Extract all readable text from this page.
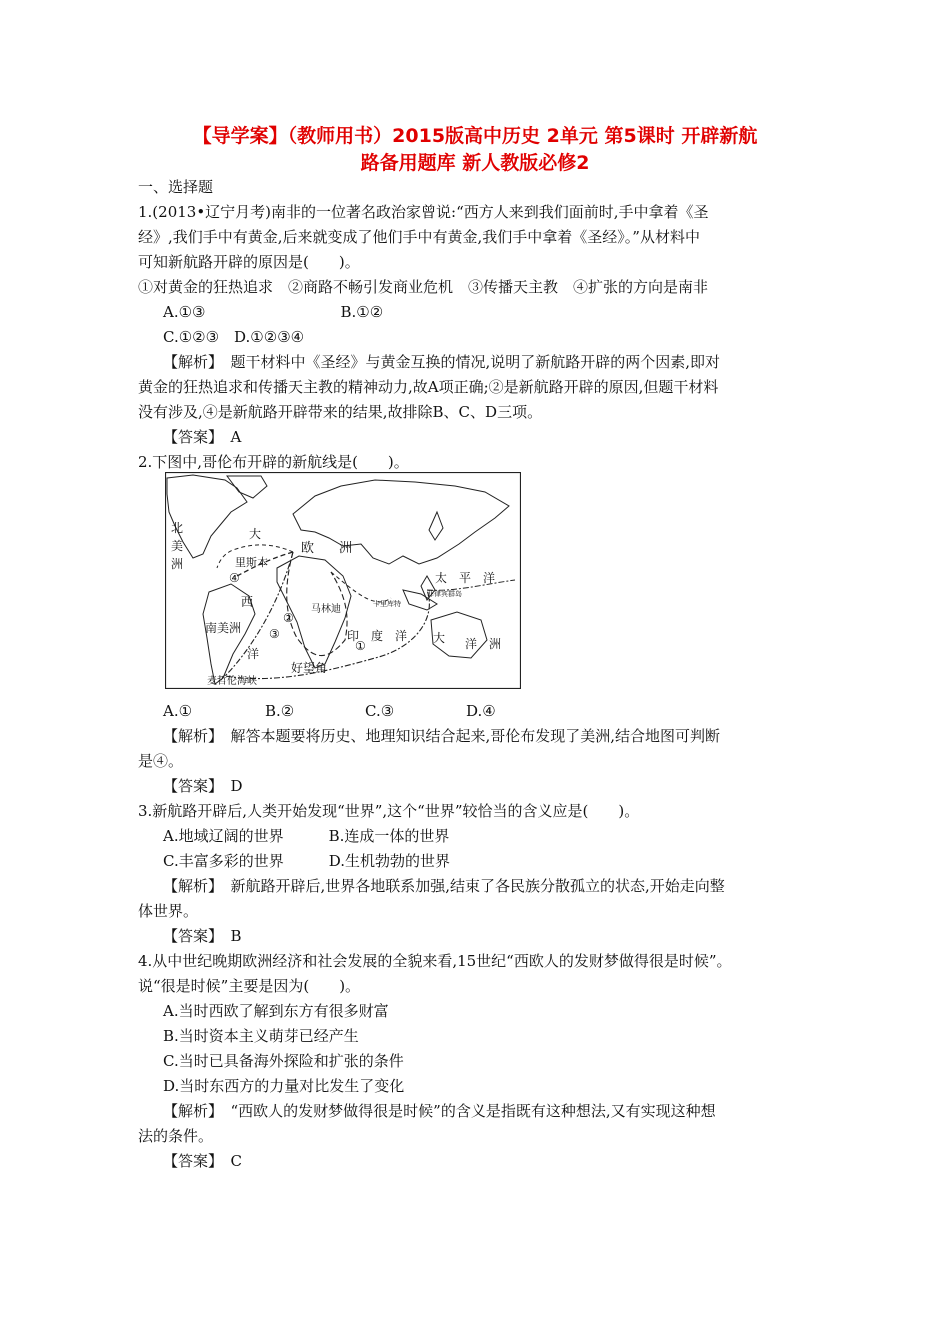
【导学案】（教师用书）2015版高中历史 2单元 第5课时 开辟新航
路备用题库 新人教版必修2
一、选择题
1.(2013•辽宁月考)南非的一位著名政治家曾说:“西方人来到我们面前时,手中拿着《圣
经》,我们手中有黄金,后来就变成了他们手中有黄金,我们手中拿着《圣经》。”从材料中
可知新航路开辟的原因是(　　)。
①对黄金的狂热追求　②商路不畅引发商业危机　③传播天主教　④扩张的方向是南非
A.①③　　　　　　　　　B.①②
C.①②③　D.①②③④
【解析】　题干材料中《圣经》与黄金互换的情况,说明了新航路开辟的两个因素,即对
黄金的狂热追求和传播天主教的精神动力,故A项正确;②是新航路开辟的原因,但题干材料
没有涉及,④是新航路开辟带来的结果,故排除B、C、D三项。
【答案】　A
2.下图中,哥伦布开辟的新航线是(　　)。
北
美
洲
大
里斯本
欧 洲
西
马林迪	卡里库特
菲律宾群岛
太　平　洋
南美洲
印　度　洋
洋
大 洋　洲
好望角
麦哲伦海峡
①
②
③
④
A.①	B.②	C.③	D.④
【解析】　解答本题要将历史、地理知识结合起来,哥伦布发现了美洲,结合地图可判断
是④。
【答案】　D
3.新航路开辟后,人类开始发现“世界”,这个“世界”较恰当的含义应是(　　)。
A.地域辽阔的世界　　　B.连成一体的世界
C.丰富多彩的世界　　　D.生机勃勃的世界
【解析】　新航路开辟后,世界各地联系加强,结束了各民族分散孤立的状态,开始走向整
体世界。
【答案】　B
4.从中世纪晚期欧洲经济和社会发展的全貌来看,15世纪“西欧人的发财梦做得很是时候”。
说“很是时候”主要是因为(　　)。
A.当时西欧了解到东方有很多财富
B.当时资本主义萌芽已经产生
C.当时已具备海外探险和扩张的条件
D.当时东西方的力量对比发生了变化
【解析】　“西欧人的发财梦做得很是时候”的含义是指既有这种想法,又有实现这种想
法的条件。
【答案】　C
